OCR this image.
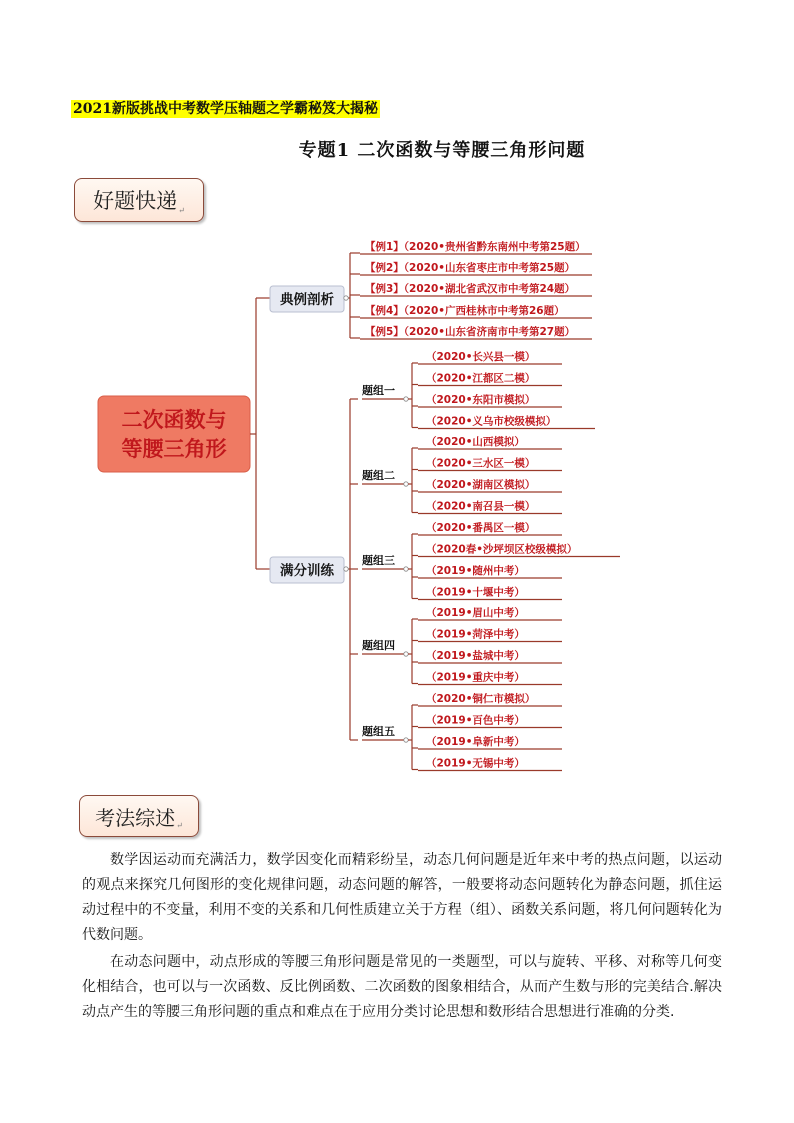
2021新版挑战中考数学压轴题之学霸秘笈大揭秘
专题1 二次函数与等腰三角形问题
好题快递 ↵
二次函数与
等腰三角形
典例剖析
【例1】（2020•贵州省黔东南州中考第25题）
【例2】（2020•山东省枣庄市中考第25题）
【例3】（2020•湖北省武汉市中考第24题）
【例4】（2020•广西桂林市中考第26题）
【例5】（2020•山东省济南市中考第27题）
满分训练
题组一
（2020•长兴县一模）
（2020•江都区二模）
（2020•东阳市模拟）
（2020•义乌市校级模拟）
题组二
（2020•山西模拟）
（2020•三水区一模）
（2020•湖南区模拟）
（2020•南召县一模）
题组三
（2020•番禺区一模）
（2020春•沙坪坝区校级模拟）
（2019•随州中考）
（2019•十堰中考）
题组四
（2019•眉山中考）
（2019•菏泽中考）
（2019•盐城中考）
（2019•重庆中考）
题组五
（2020•铜仁市模拟）
（2019•百色中考）
（2019•阜新中考）
（2019•无锡中考）
考法综述 ↵

数学因运动而充满活力，数学因变化而精彩纷呈，动态几何问题是近年来中考的热点问题，以运动的观点来探究几何图形的变化规律问题，动态问题的解答，一般要将动态问题转化为静态问题，抓住运动过程中的不变量，利用不变的关系和几何性质建立关于方程（组）、函数关系问题，将几何问题转化为代数问题。

在动态问题中，动点形成的等腰三角形问题是常见的一类题型，可以与旋转、平移、对称等几何变化相结合，也可以与一次函数、反比例函数、二次函数的图象相结合，从而产生数与形的完美结合.解决动点产生的等腰三角形问题的重点和难点在于应用分类讨论思想和数形结合思想进行准确的分类.
